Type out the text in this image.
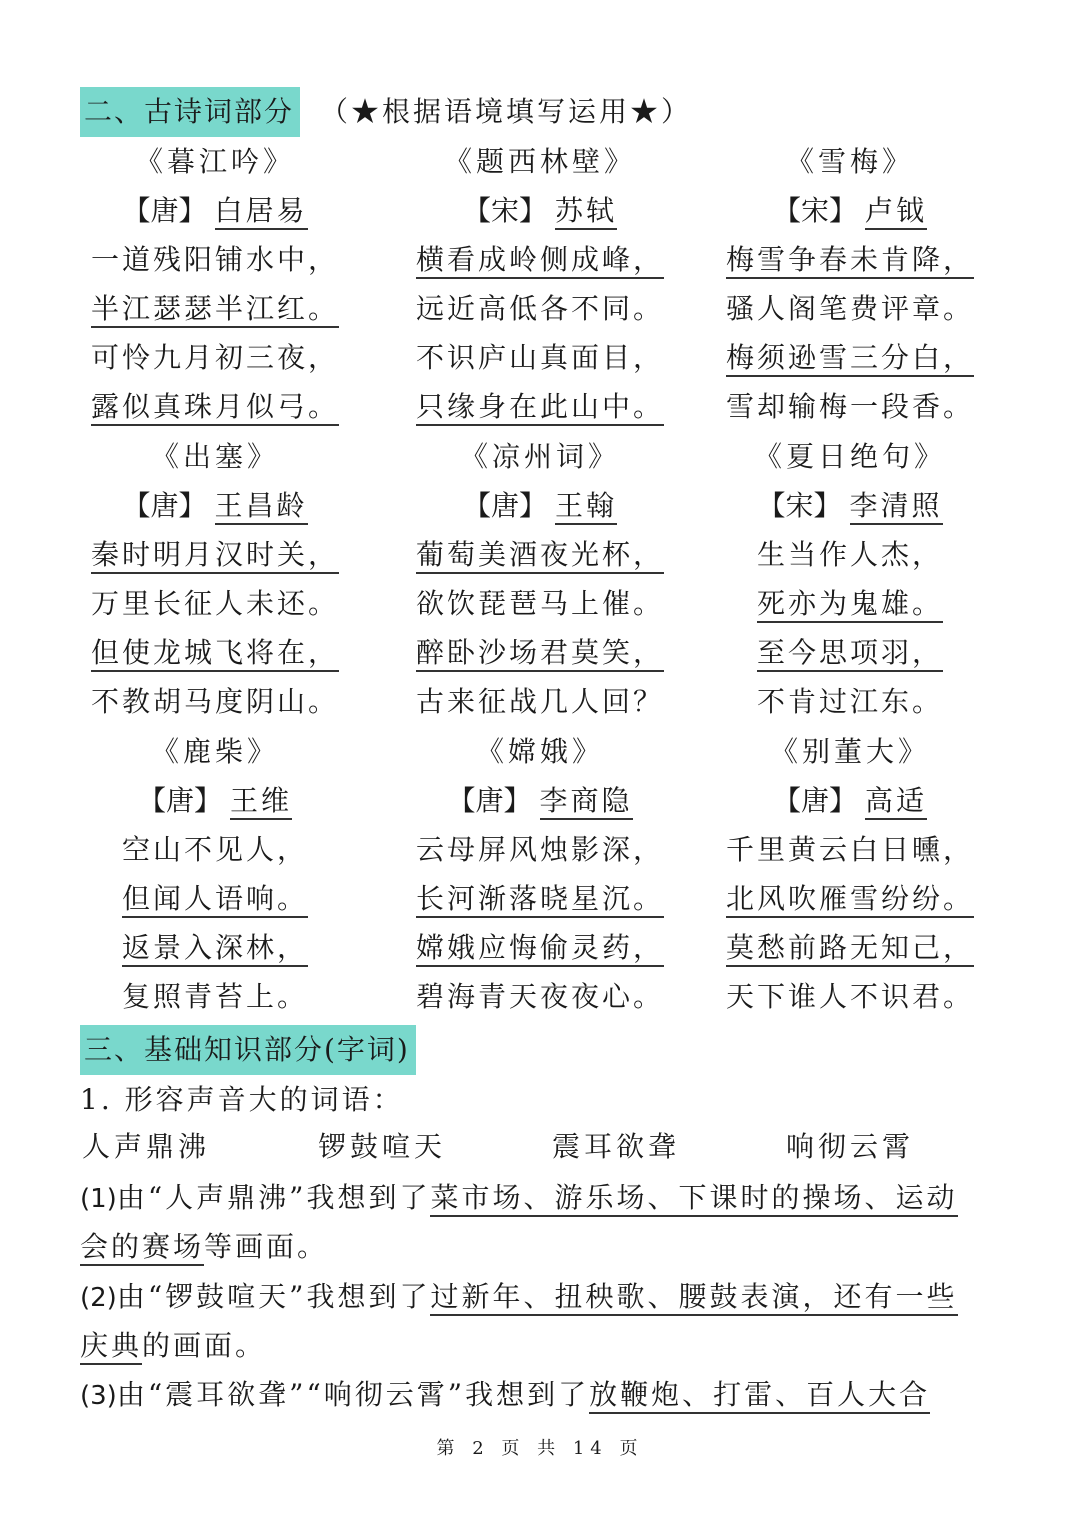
二、古诗词部分 （★根据语境填写运用★）
《暮江吟》
【唐】 白居易
一道残阳铺水中，
半江瑟瑟半江红。
可怜九月初三夜，
露似真珠月似弓。
《题西林壁》
【宋】 苏轼
横看成岭侧成峰，
远近高低各不同。
不识庐山真面目，
只缘身在此山中。
《雪梅》
【宋】 卢钺
梅雪争春未肯降，
骚人阁笔费评章。
梅须逊雪三分白，
雪却输梅一段香。
《出塞》
【唐】 王昌龄
秦时明月汉时关，
万里长征人未还。
但使龙城飞将在，
不教胡马度阴山。
《凉州词》
【唐】 王翰
葡萄美酒夜光杯，
欲饮琵琶马上催。
醉卧沙场君莫笑，
古来征战几人回？
《夏日绝句》
【宋】 李清照
生当作人杰，
死亦为鬼雄。
至今思项羽，
不肯过江东。
《鹿柴》
【唐】 王维
空山不见人，
但闻人语响。
返景入深林，
复照青苔上。
《嫦娥》
【唐】 李商隐
云母屏风烛影深，
长河渐落晓星沉。
嫦娥应悔偷灵药，
碧海青天夜夜心。
《别董大》
【唐】 高适
千里黄云白日曛，
北风吹雁雪纷纷。
莫愁前路无知己，
天下谁人不识君。
三、基础知识部分(字词)
1. 形容声音大的词语：
人声鼎沸	锣鼓喧天	震耳欲聋	响彻云霄
(1)由“人声鼎沸”我想到了菜市场、游乐场、下课时的操场、运动
会的赛场等画面。
(2)由“锣鼓喧天”我想到了过新年、扭秧歌、腰鼓表演，还有一些
庆典的画面。
(3)由“震耳欲聋”“响彻云霄”我想到了放鞭炮、打雷、百人大合
第 2 页 共 14 页
